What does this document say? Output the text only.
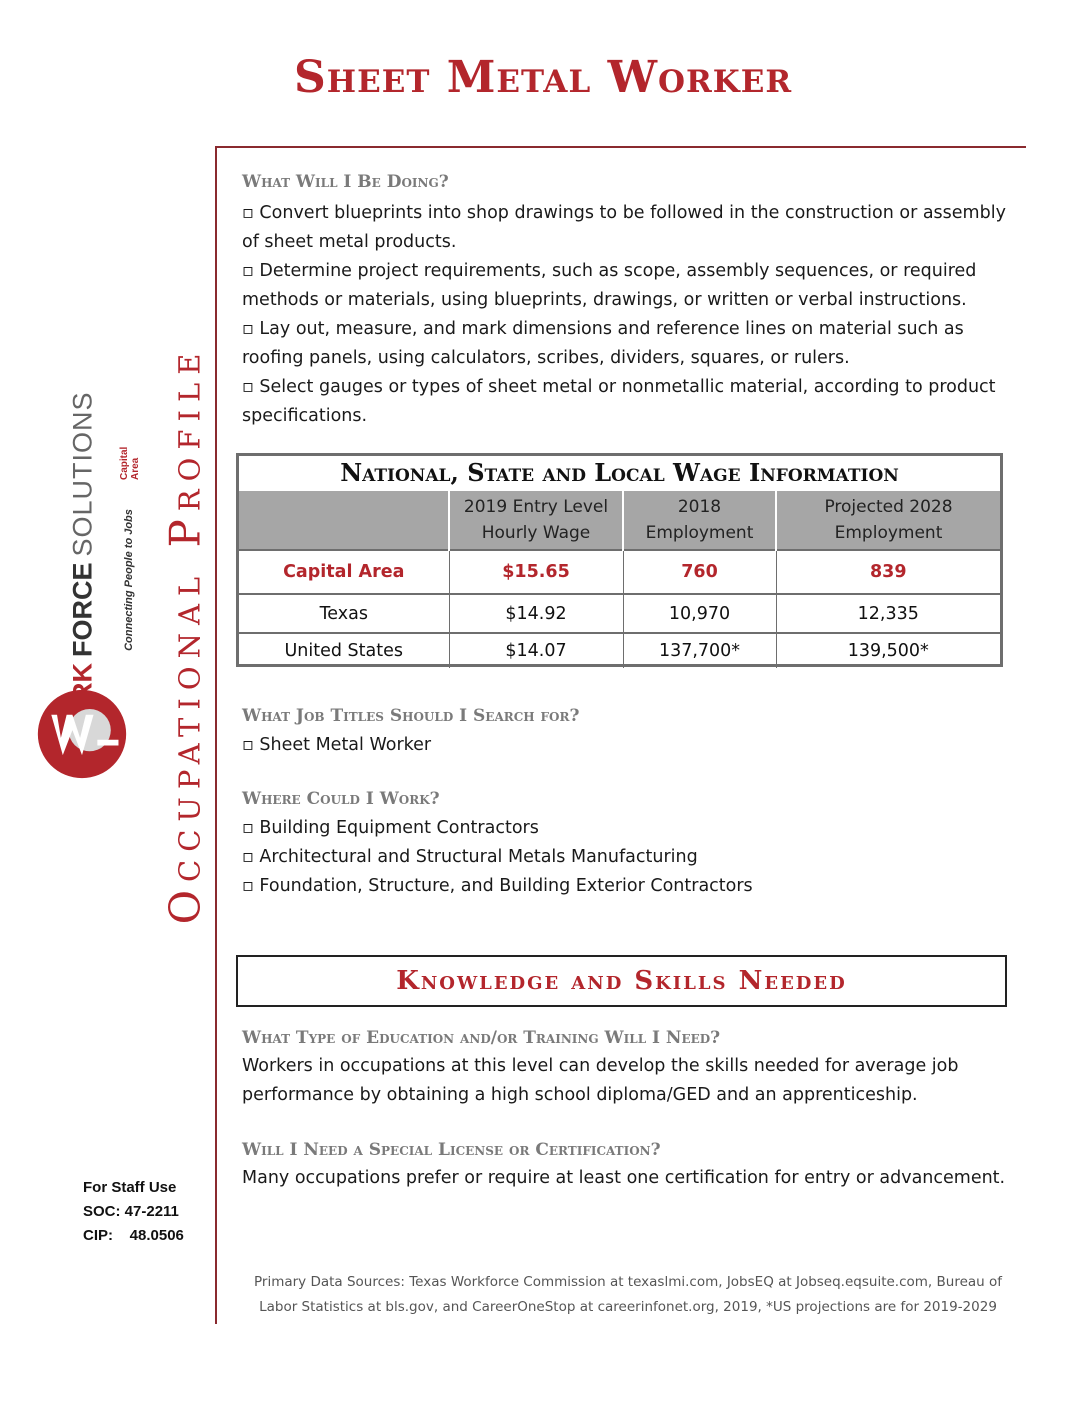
Sheet Metal Worker
Occupational Profile
FORCE
SOLUTIONS Capital Area
Connecting People to Jobs
What Will I Be Doing?

▫ Convert blueprints into shop drawings to be followed in the construction or assembly of sheet metal products.

▫ Determine project requirements, such as scope, assembly sequences, or required methods or materials, using blueprints, drawings, or written or verbal instructions.

▫ Lay out, measure, and mark dimensions and reference lines on material such as roofing panels, using calculators, scribes, dividers, squares, or rulers.

▫ Select gauges or types of sheet metal or nonmetallic material, according to product specifications.

National, State and Local Wage Information
	2019 Entry Level Hourly Wage	2018 Employment	Projected 2028 Employment
Capital Area	$15.65	760	839
Texas	$14.92	10,970	12,335
United States	$14.07	137,700*	139,500*
What Job Titles Should I Search for?

▫ Sheet Metal Worker

Where Could I Work?

▫ Building Equipment Contractors

▫ Architectural and Structural Metals Manufacturing

▫ Foundation, Structure, and Building Exterior Contractors

Knowledge and Skills Needed
What Type of Education and/or Training Will I Need?
Workers in occupations at this level can develop the skills needed for average job performance by obtaining a high school diploma/GED and an apprenticeship.
Will I Need a Special License or Certification?
Many occupations prefer or require at least one certification for entry or advancement.
For Staff Use
SOC: 47-2211
CIP:    48.0506
Primary Data Sources: Texas Workforce Commission at texaslmi.com, JobsEQ at Jobseq.eqsuite.com, Bureau of Labor Statistics at bls.gov, and CareerOneStop at careerinfonet.org, 2019, *US projections are for 2019-2029
